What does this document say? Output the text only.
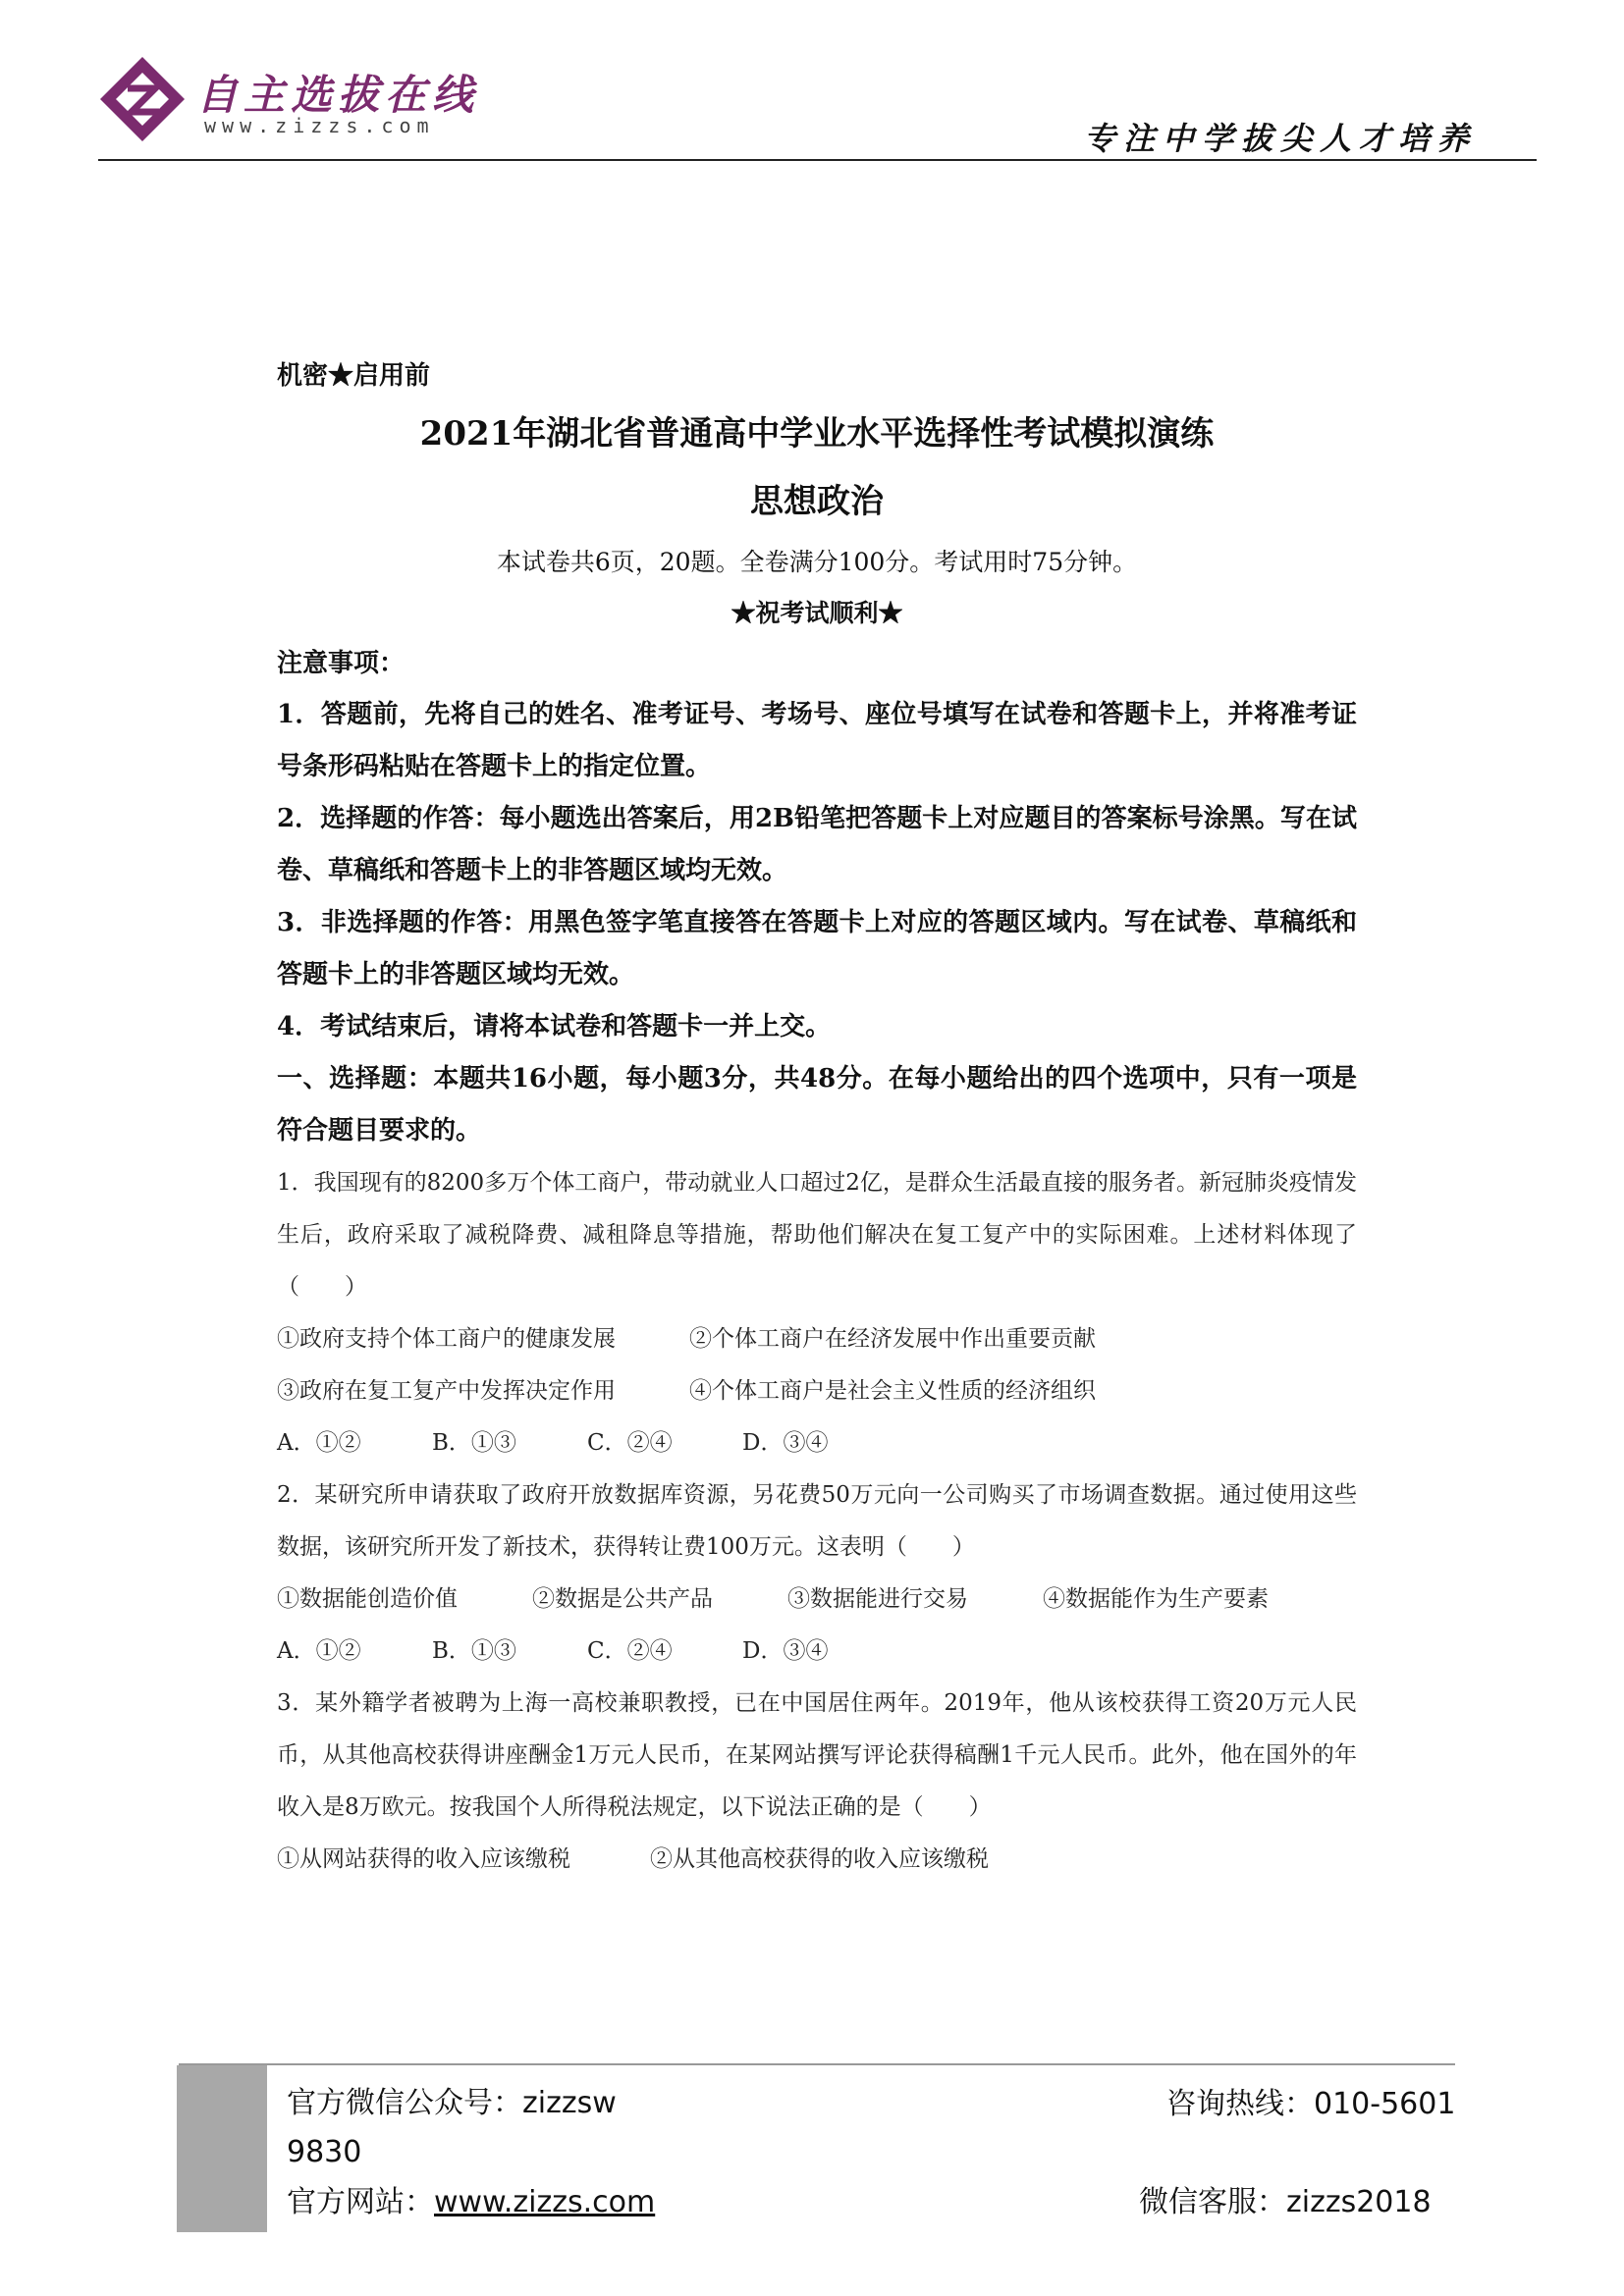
自主选拔在线
www.zizzs.com	专注中学拔尖人才培养

机密★启用前

2021年湖北省普通高中学业水平选择性考试模拟演练

思想政治

本试卷共6页，20题。全卷满分100分。考试用时75分钟。

★祝考试顺利★

注意事项：

1．答题前，先将自己的姓名、准考证号、考场号、座位号填写在试卷和答题卡上，并将准考证号条形码粘贴在答题卡上的指定位置。

2．选择题的作答：每小题选出答案后，用2B铅笔把答题卡上对应题目的答案标号涂黑。写在试卷、草稿纸和答题卡上的非答题区域均无效。

3．非选择题的作答：用黑色签字笔直接答在答题卡上对应的答题区域内。写在试卷、草稿纸和答题卡上的非答题区域均无效。

4．考试结束后，请将本试卷和答题卡一并上交。

一、选择题：本题共16小题，每小题3分，共48分。在每小题给出的四个选项中，只有一项是符合题目要求的。

1．我国现有的8200多万个体工商户，带动就业人口超过2亿，是群众生活最直接的服务者。新冠肺炎疫情发生后，政府采取了减税降费、减租降息等措施，帮助他们解决在复工复产中的实际困难。上述材料体现了（　　）

①政府支持个体工商户的健康发展	②个体工商户在经济发展中作出重要贡献
③政府在复工复产中发挥决定作用	④个体工商户是社会主义性质的经济组织
A．①②	B．①③	C．②④	D．③④

2．某研究所申请获取了政府开放数据库资源，另花费50万元向一公司购买了市场调查数据。通过使用这些数据，该研究所开发了新技术，获得转让费100万元。这表明（　　）

①数据能创造价值	②数据是公共产品	③数据能进行交易	④数据能作为生产要素
A．①②	B．①③	C．②④	D．③④

3．某外籍学者被聘为上海一高校兼职教授，已在中国居住两年。2019年，他从该校获得工资20万元人民币，从其他高校获得讲座酬金1万元人民币，在某网站撰写评论获得稿酬1千元人民币。此外，他在国外的年收入是8万欧元。按我国个人所得税法规定，以下说法正确的是（　　）

①从网站获得的收入应该缴税	②从其他高校获得的收入应该缴税
官方微信公众号：zizzsw 9830
官方网站：www.zizzs.com
咨询热线：010-5601
微信客服：zizzs2018
